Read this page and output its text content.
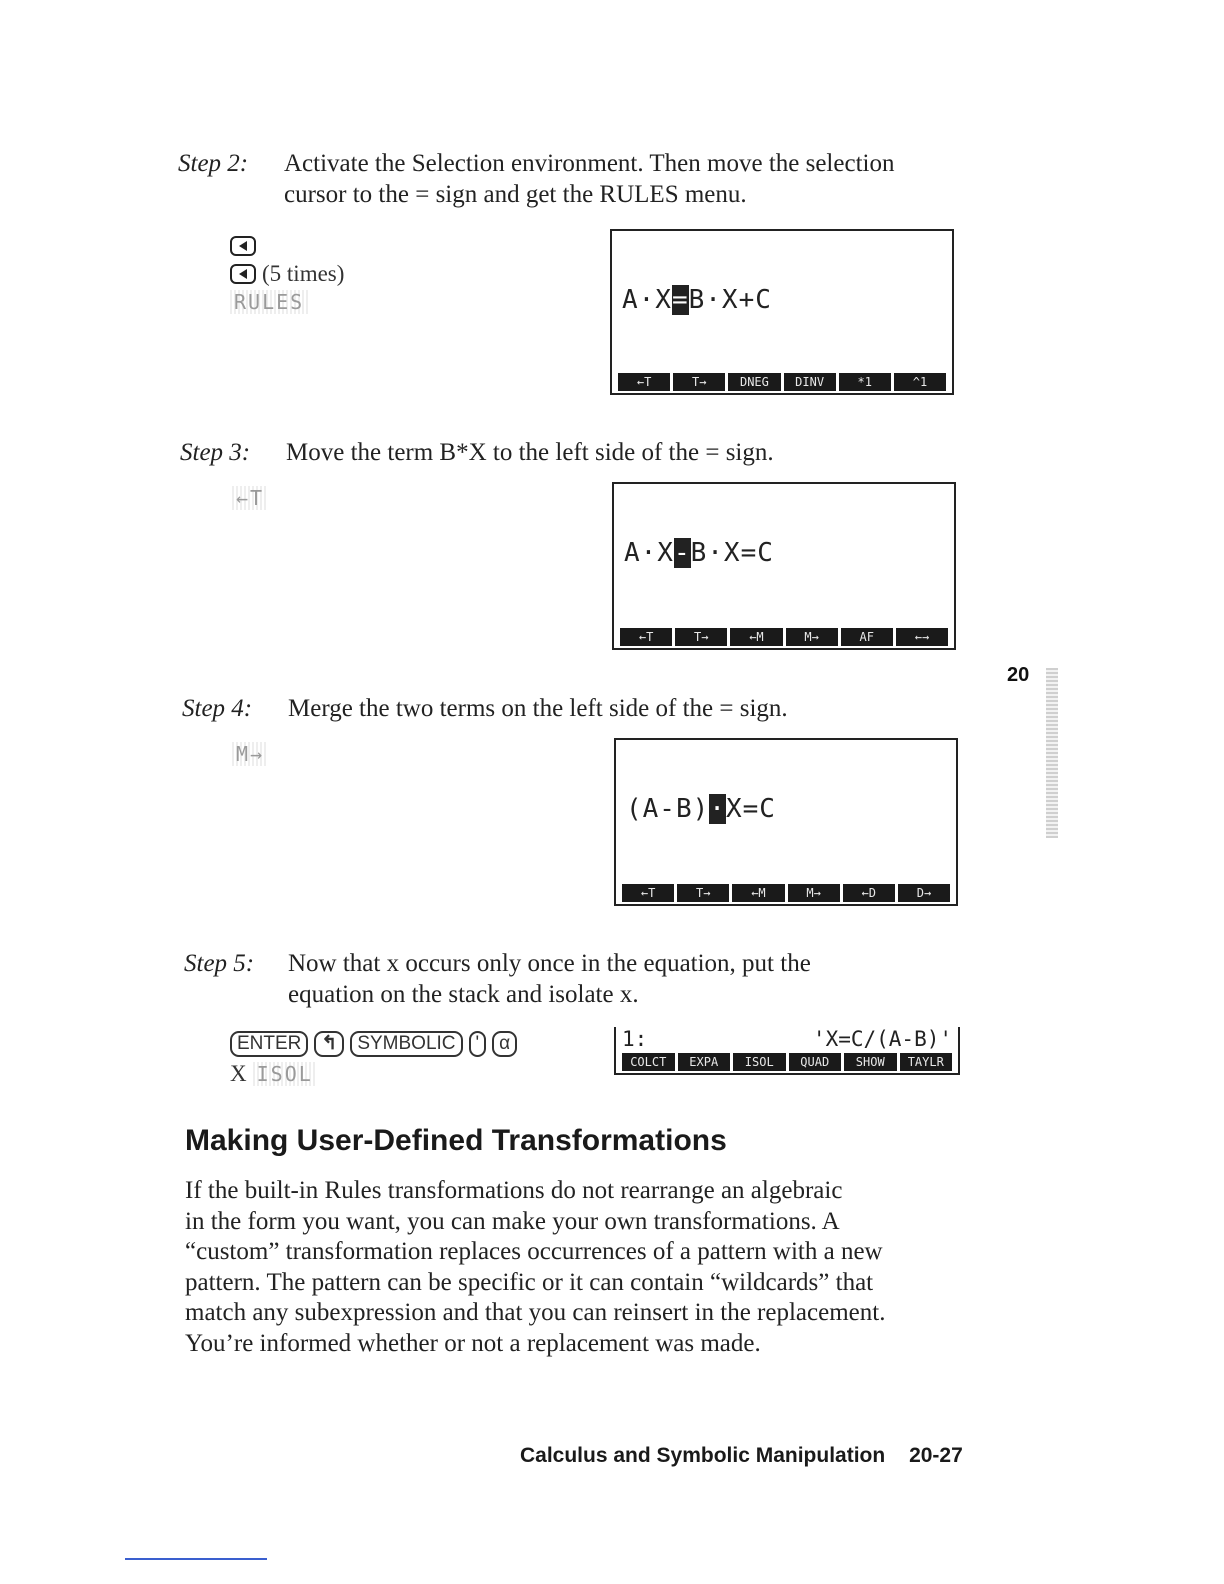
Step 2: Activate the Selection environment. Then move the selection
cursor to the = sign and get the RULES menu.
(5 times)
RULES	A·X=B·X+C
←T	T→	DNEG	DINV	*1	^1
Step 3: Move the term B*X to the left side of the = sign.
←T
A·X-B·X=C
←T	T→	←M	M→	AF	←→
20
Step 4: Merge the two terms on the left side of the = sign.
M→
(A-B)·X=C
←T	T→	←M	M→	←D	D→
Step 5: Now that x occurs only once in the equation, put the
equation on the stack and isolate x.
ENTER	↰	SYMBOLIC	'	α
X ISOL
1:	'X=C/(A-B)'
COLCT	EXPA	ISOL	QUAD	SHOW	TAYLR
Making User-Defined Transformations
If the built-in Rules transformations do not rearrange an algebraic
in the form you want, you can make your own transformations. A
“custom” transformation replaces occurrences of a pattern with a new
pattern. The pattern can be specific or it can contain “wildcards” that
match any subexpression and that you can reinsert in the replacement.
You’re informed whether or not a replacement was made.
Calculus and Symbolic Manipulation 20-27
